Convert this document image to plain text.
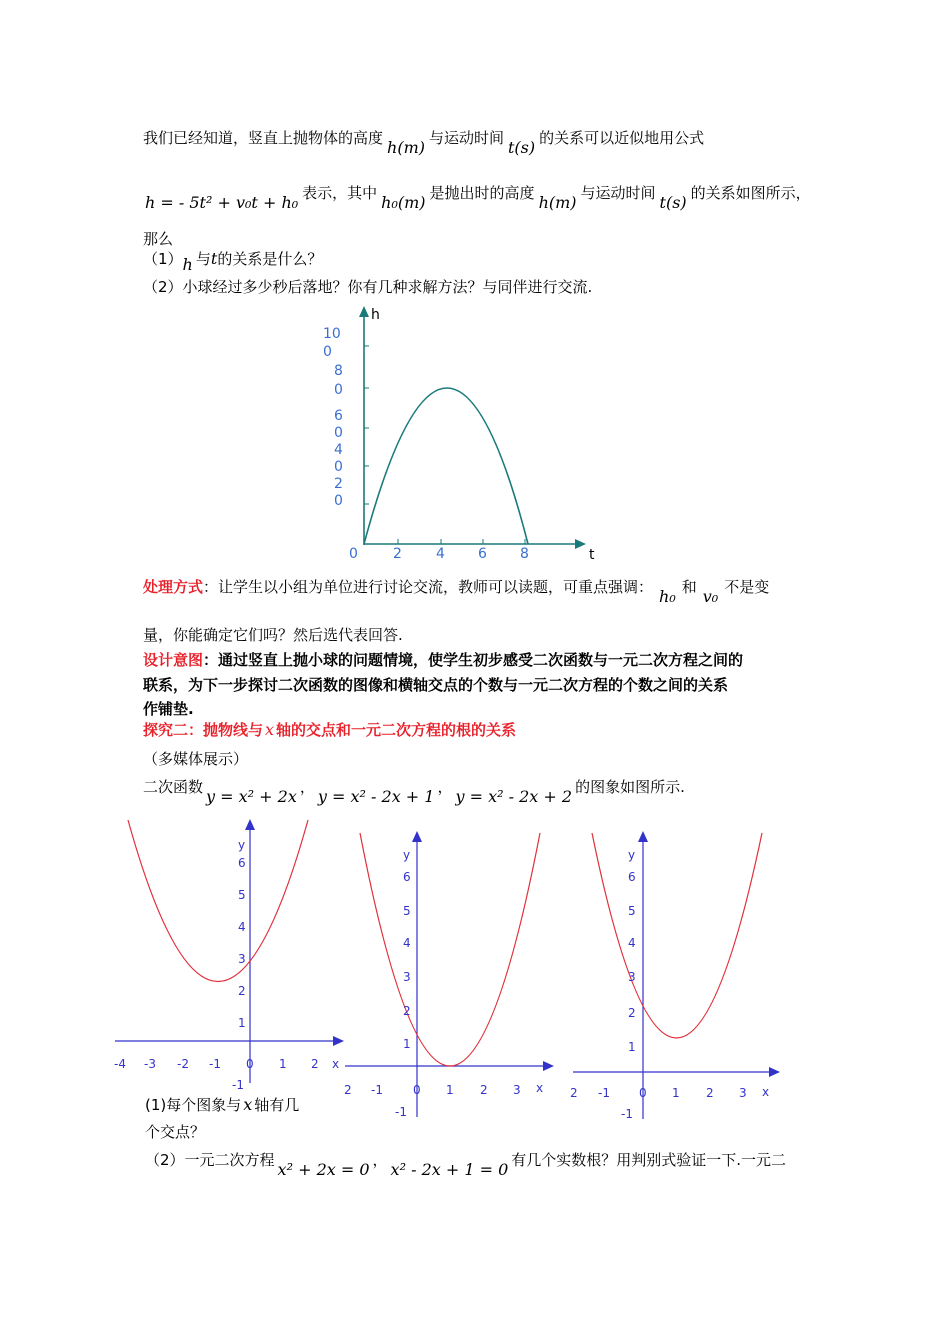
我们已经知道，竖直上抛物体的高度 h(m) 与运动时间 t(s) 的关系可以近似地用公式
h = - 5t² + v₀t + h₀ 表示，其中 h₀(m) 是抛出时的高度 h(m) 与运动时间 t(s) 的关系如图所示，
那么
（1）h 与t的关系是什么？
（2）小球经过多少秒后落地？你有几种求解方法？与同伴进行交流.
h
10
0
8
0
6
0
4
0
2
0
0	2 4 6 8	t
处理方式：让学生以小组为单位进行讨论交流，教师可以读题，可重点强调： h₀ 和 v₀ 不是变
量，你能确定它们吗？然后选代表回答.
设计意图：通过竖直上抛小球的问题情境，使学生初步感受二次函数与一元二次方程之间的
联系，为下一步探讨二次函数的图像和横轴交点的个数与一元二次方程的个数之间的关系
作铺垫.
探究二：抛物线与 x 轴的交点和一元二次方程的根的关系
（多媒体展示）
二次函数 y = x² + 2x ， y = x² - 2x + 1 ， y = x² - 2x + 2 的图象如图所示.
y
6
5
4
3
2
1
-1
-4 -3 -2 -1 0 1 2 x
y
6
5
4
3
2
1
-1
2 -1	0 1 2 3 x
y
6
5
4
3
2
1
-1
2 -1 0 1 2 3 x
(1)每个图象与 x 轴有几
个交点？
（2）一元二次方程 x² + 2x = 0 ， x² - 2x + 1 = 0 有几个实数根？用判别式验证一下.一元二
